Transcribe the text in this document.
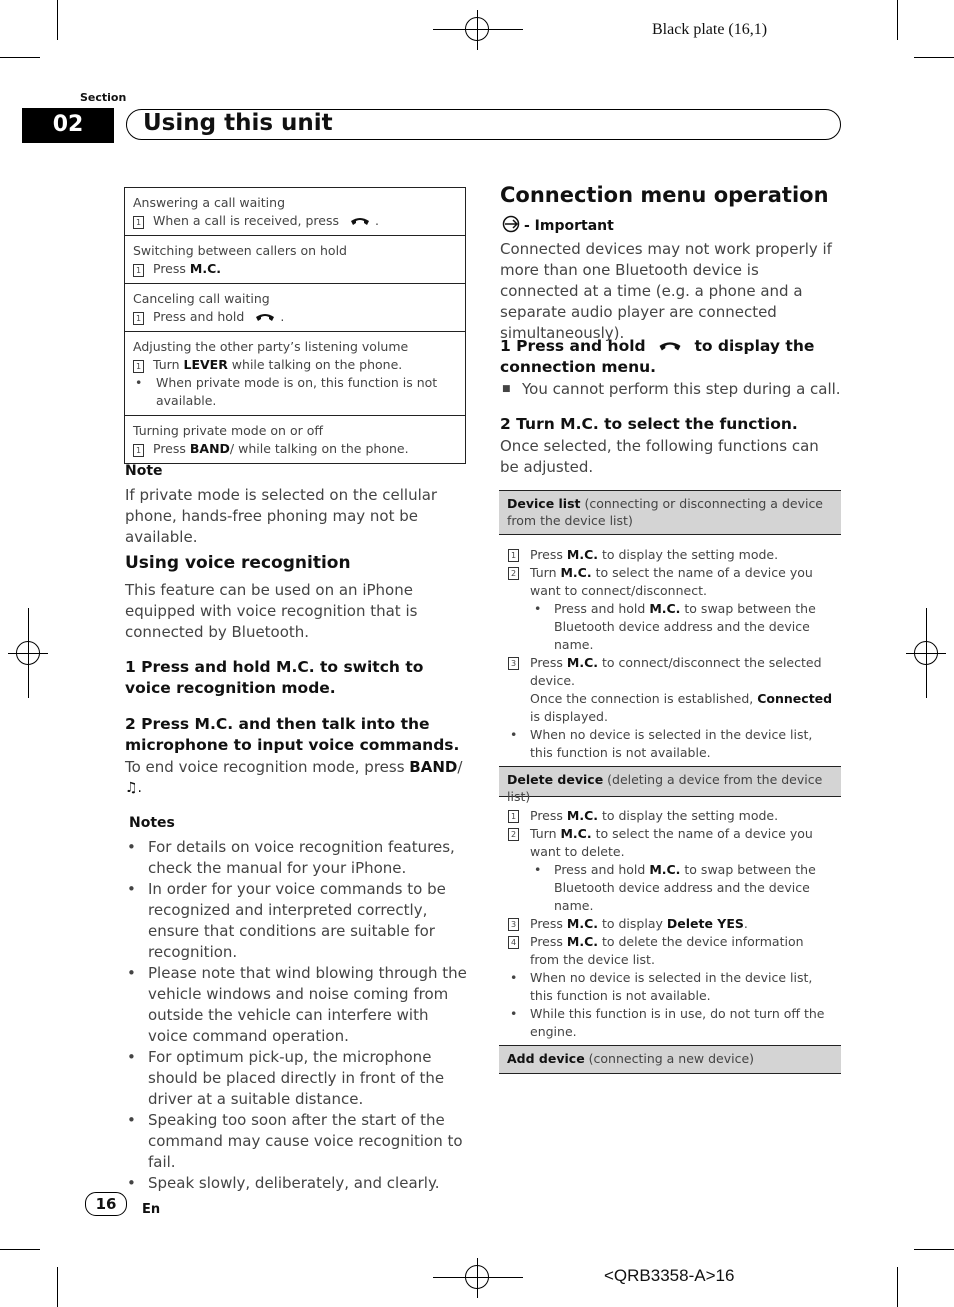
Black plate (16,1)
Section
02	Using this unit
Answering a call waiting
1 When a call is received, press	.
Switching between callers on hold
1 Press M.C.
Canceling call waiting
1 Press and hold	.
Adjusting the other party’s listening volume
1 Turn LEVER while talking on the phone.
• When private mode is on, this function is not available.
Turning private mode on or off
1 Press BAND/ while talking on the phone.
Note
If private mode is selected on the cellular phone, hands-free phoning may not be available.
Using voice recognition
This feature can be used on an iPhone equipped with voice recognition that is connected by Bluetooth.
1 Press and hold M.C. to switch to voice recognition mode.
2 Press M.C. and then talk into the microphone to input voice commands.
To end voice recognition mode, press BAND/
♫.
Notes
• For details on voice recognition features, check the manual for your iPhone.
• In order for your voice commands to be recognized and interpreted correctly, ensure that conditions are suitable for recognition.
• Please note that wind blowing through the vehicle windows and noise coming from outside the vehicle can interfere with voice command operation.
• For optimum pick-up, the microphone should be placed directly in front of the driver at a suitable distance.
• Speaking too soon after the start of the command may cause voice recognition to fail.
• Speak slowly, deliberately, and clearly.
Connection menu operation
- Important
Connected devices may not work properly if more than one Bluetooth device is connected at a time (e.g. a phone and a separate audio player are connected simultaneously).
1 Press and hold	to display the connection menu.
■ You cannot perform this step during a call.
2 Turn M.C. to select the function.
Once selected, the following functions can be adjusted.
Device list (connecting or disconnecting a device from the device list)
1 Press M.C. to display the setting mode.
2 Turn M.C. to select the name of a device you want to connect/disconnect.
• Press and hold M.C. to swap between the Bluetooth device address and the device name.
3 Press M.C. to connect/disconnect the selected device.
Once the connection is established, Connected is displayed.
• When no device is selected in the device list, this function is not available.
Delete device (deleting a device from the device list)
1 Press M.C. to display the setting mode.
2 Turn M.C. to select the name of a device you want to delete.
• Press and hold M.C. to swap between the Bluetooth device address and the device name.
3 Press M.C. to display Delete YES.
4 Press M.C. to delete the device information from the device list.
• When no device is selected in the device list, this function is not available.
• While this function is in use, do not turn off the engine.
Add device (connecting a new device)
16	En
<QRB3358-A>16
